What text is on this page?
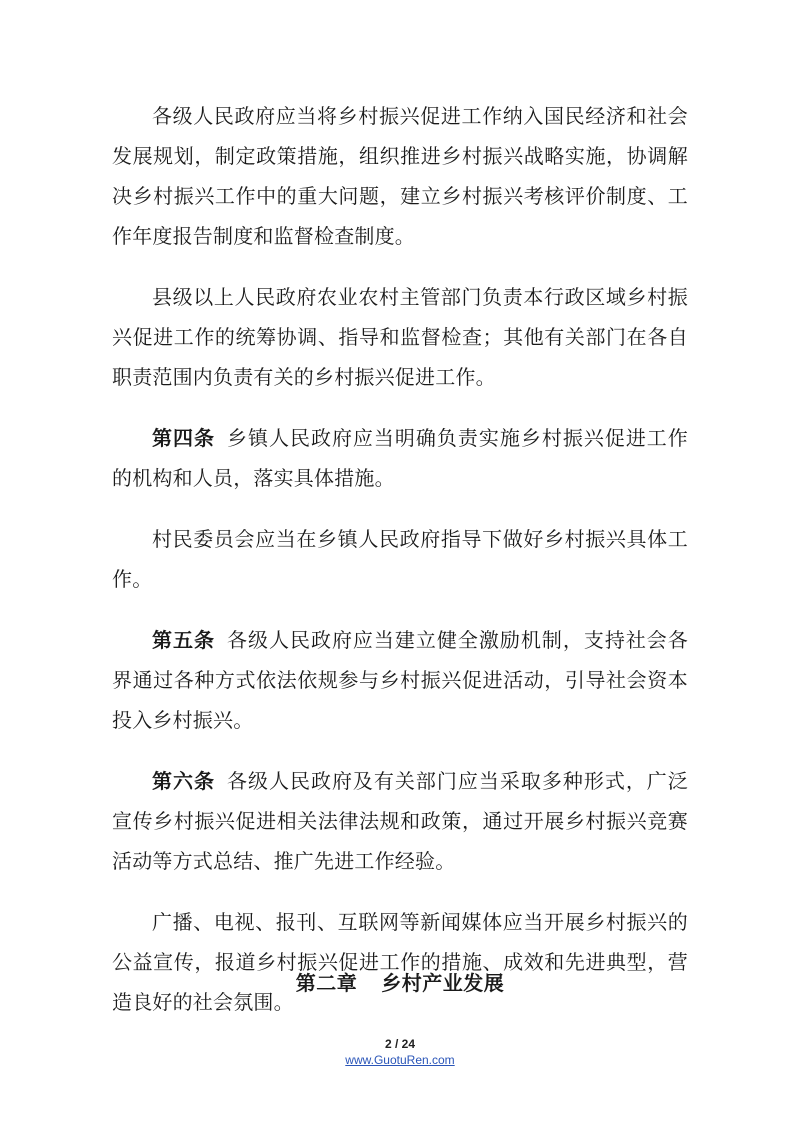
各级人民政府应当将乡村振兴促进工作纳入国民经济和社会发展规划，制定政策措施，组织推进乡村振兴战略实施，协调解决乡村振兴工作中的重大问题，建立乡村振兴考核评价制度、工作年度报告制度和监督检查制度。

县级以上人民政府农业农村主管部门负责本行政区域乡村振兴促进工作的统筹协调、指导和监督检查；其他有关部门在各自职责范围内负责有关的乡村振兴促进工作。

第四条 乡镇人民政府应当明确负责实施乡村振兴促进工作的机构和人员，落实具体措施。

村民委员会应当在乡镇人民政府指导下做好乡村振兴具体工作。

第五条 各级人民政府应当建立健全激励机制，支持社会各界通过各种方式依法依规参与乡村振兴促进活动，引导社会资本投入乡村振兴。

第六条 各级人民政府及有关部门应当采取多种形式，广泛宣传乡村振兴促进相关法律法规和政策，通过开展乡村振兴竞赛活动等方式总结、推广先进工作经验。

广播、电视、报刊、互联网等新闻媒体应当开展乡村振兴的公益宣传，报道乡村振兴促进工作的措施、成效和先进典型，营造良好的社会氛围。

第二章 乡村产业发展
2 / 24
www.GuotuRen.com
